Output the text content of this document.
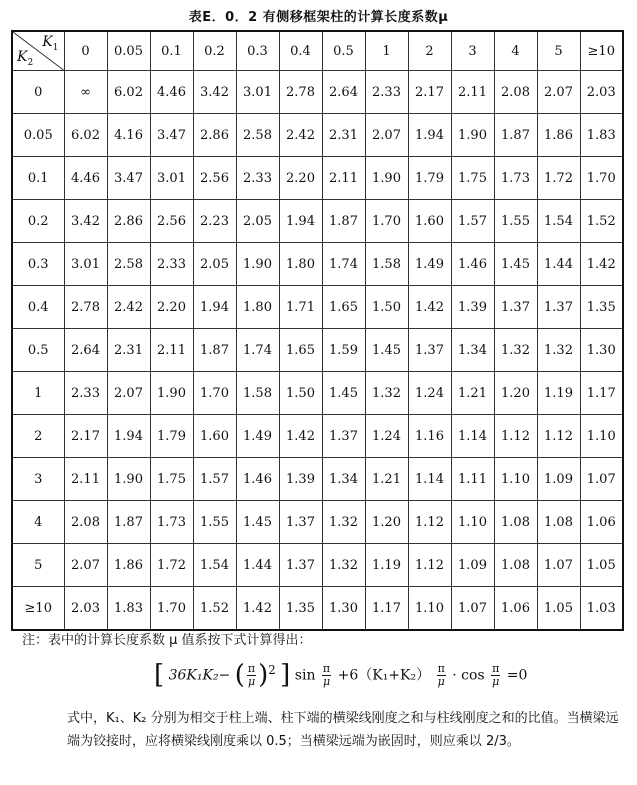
表E．0．2 有侧移框架柱的计算长度系数μ
$K_1$
$K_2$	0	0.05	0.1	0.2	0.3	0.4	0.5	1	2	3	4	5	≥10
0	∞	6.02	4.46	3.42	3.01	2.78	2.64	2.33	2.17	2.11	2.08	2.07	2.03
0.05	6.02	4.16	3.47	2.86	2.58	2.42	2.31	2.07	1.94	1.90	1.87	1.86	1.83
0.1	4.46	3.47	3.01	2.56	2.33	2.20	2.11	1.90	1.79	1.75	1.73	1.72	1.70
0.2	3.42	2.86	2.56	2.23	2.05	1.94	1.87	1.70	1.60	1.57	1.55	1.54	1.52
0.3	3.01	2.58	2.33	2.05	1.90	1.80	1.74	1.58	1.49	1.46	1.45	1.44	1.42
0.4	2.78	2.42	2.20	1.94	1.80	1.71	1.65	1.50	1.42	1.39	1.37	1.37	1.35
0.5	2.64	2.31	2.11	1.87	1.74	1.65	1.59	1.45	1.37	1.34	1.32	1.32	1.30
1	2.33	2.07	1.90	1.70	1.58	1.50	1.45	1.32	1.24	1.21	1.20	1.19	1.17
2	2.17	1.94	1.79	1.60	1.49	1.42	1.37	1.24	1.16	1.14	1.12	1.12	1.10
3	2.11	1.90	1.75	1.57	1.46	1.39	1.34	1.21	1.14	1.11	1.10	1.09	1.07
4	2.08	1.87	1.73	1.55	1.45	1.37	1.32	1.20	1.12	1.10	1.08	1.08	1.06
5	2.07	1.86	1.72	1.54	1.44	1.37	1.32	1.19	1.12	1.09	1.08	1.07	1.05
≥10	2.03	1.83	1.70	1.52	1.42	1.35	1.30	1.17	1.10	1.07	1.06	1.05	1.03
注：表中的计算长度系数 μ 值系按下式计算得出：
[ 36K₁K₂− ( $\frac{\pi}{\mu} )^2$ ] $\sin \frac{\pi}{\mu} +6(K_1+K_2) \frac{\pi}{\mu} \cdot \cos \frac{\pi}{\mu} =0$
式中，K₁、K₂ 分别为相交于柱上端、柱下端的横梁线刚度之和与柱线刚度之和的比值。当横梁远端为铰接时，应将横梁线刚度乘以 0.5；当横梁远端为嵌固时，则应乘以 2/3。
